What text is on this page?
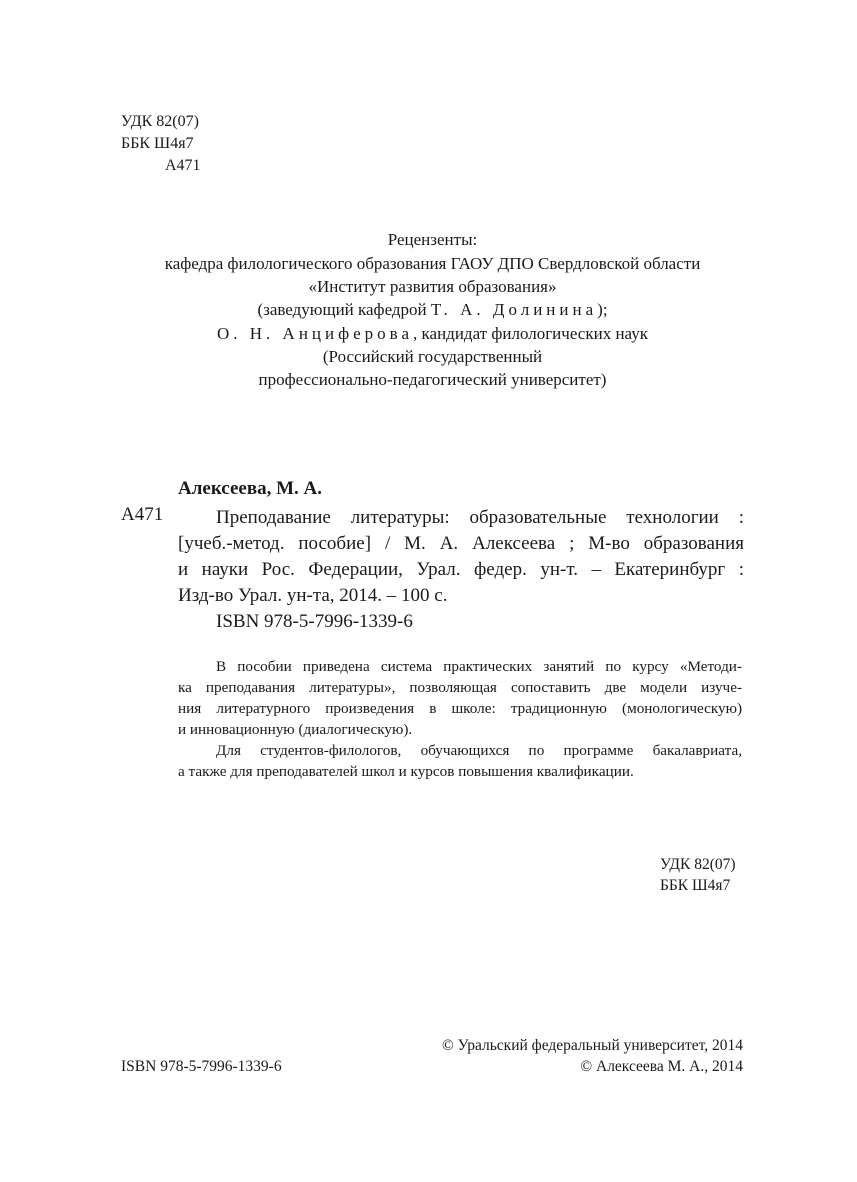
УДК 82(07)
ББК Ш4я7
А471
Рецензенты:
кафедра филологического образования ГАОУ ДПО Свердловской области
«Институт развития образования»
(заведующий кафедрой Т. А. Долинина);
О. Н. Анциферова, кандидат филологических наук
(Российский государственный
профессионально-педагогический университет)
Алексеева, М. А.
А471	Преподавание литературы: образовательные технологии :
[учеб.-метод. пособие] / М. А. Алексеева ; М-во образования
и науки Рос. Федерации, Урал. федер. ун-т. – Екатеринбург :
Изд-во Урал. ун-та, 2014. – 100 с.
ISBN 978-5-7996-1339-6
В пособии приведена система практических занятий по курсу «Методи-
ка преподавания литературы», позволяющая сопоставить две модели изуче-
ния литературного произведения в школе: традиционную (монологическую)
и инновационную (диалогическую).
Для студентов-филологов, обучающихся по программе бакалавриата,
а также для преподавателей школ и курсов повышения квалификации.
УДК 82(07)
ББК Ш4я7
ISBN 978-5-7996-1339-6
© Уральский федеральный университет, 2014
© Алексеева М. А., 2014
